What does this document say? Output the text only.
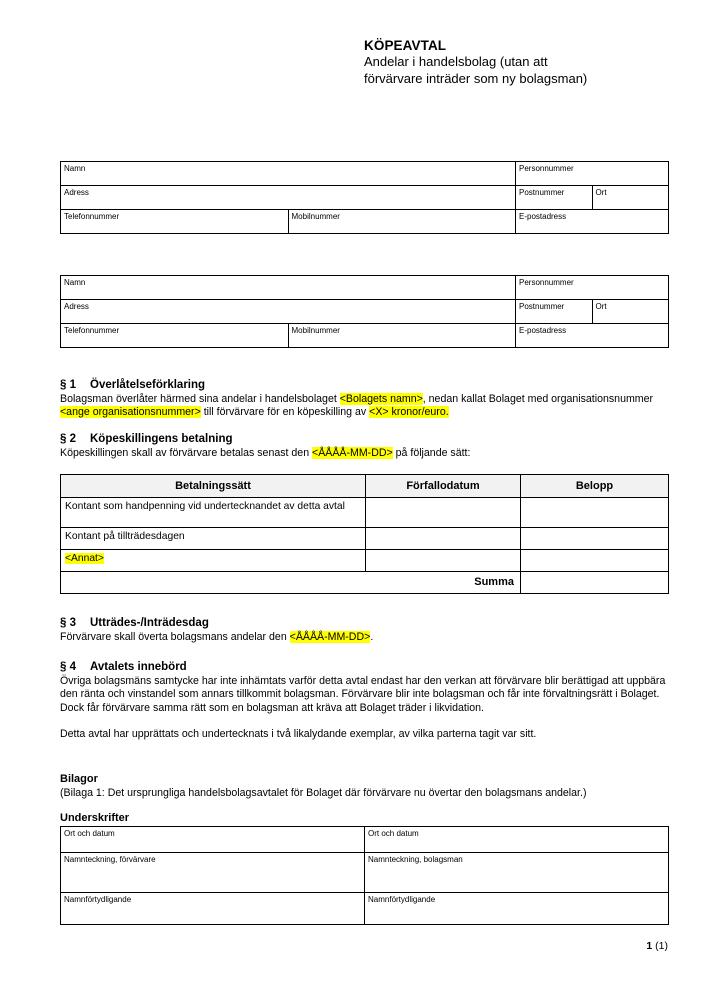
KÖPEAVTAL
Andelar i handelsbolag (utan att
förvärvare inträder som ny bolagsman)
Namn		Personnummer	
Adress		Postnummer	Ort
Telefonnummer	Mobilnummer	E-postadress	
Namn		Personnummer	
Adress		Postnummer	Ort
Telefonnummer	Mobilnummer	E-postadress	
§ 1 Överlåtelseförklaring

Bolagsman överlåter härmed sina andelar i handelsbolaget <Bolagets namn>, nedan kallat Bolaget med organisationsnummer <ange organisationsnummer> till förvärvare för en köpeskilling av <X> kronor/euro.

§ 2 Köpeskillingens betalning

Köpeskillingen skall av förvärvare betalas senast den <ÅÅÅÅ-MM-DD> på följande sätt:

Betalningssätt	Förfallodatum	Belopp
Kontant som handpenning vid undertecknandet av detta avtal		
Kontant på tillträdesdagen		
<Annat>		
Summa		
§ 3 Utträdes-/Inträdesdag

Förvärvare skall överta bolagsmans andelar den <ÅÅÅÅ-MM-DD>.

§ 4 Avtalets innebörd

Övriga bolagsmäns samtycke har inte inhämtats varför detta avtal endast har den verkan att förvärvare blir berättigad att uppbära den ränta och vinstandel som annars tillkommit bolagsman. Förvärvare blir inte bolagsman och får inte förvaltningsrätt i Bolaget. Dock får förvärvare samma rätt som en bolagsman att kräva att Bolaget träder i likvidation.

Detta avtal har upprättats och undertecknats i två likalydande exemplar, av vilka parterna tagit var sitt.

Bilagor

(Bilaga 1: Det ursprungliga handelsbolagsavtalet för Bolaget där förvärvare nu övertar den bolagsmans andelar.)

Underskrifter
Ort och datum	Ort och datum
Namnteckning, förvärvare	Namnteckning, bolagsman
Namnförtydligande	Namnförtydligande
1 (1)
